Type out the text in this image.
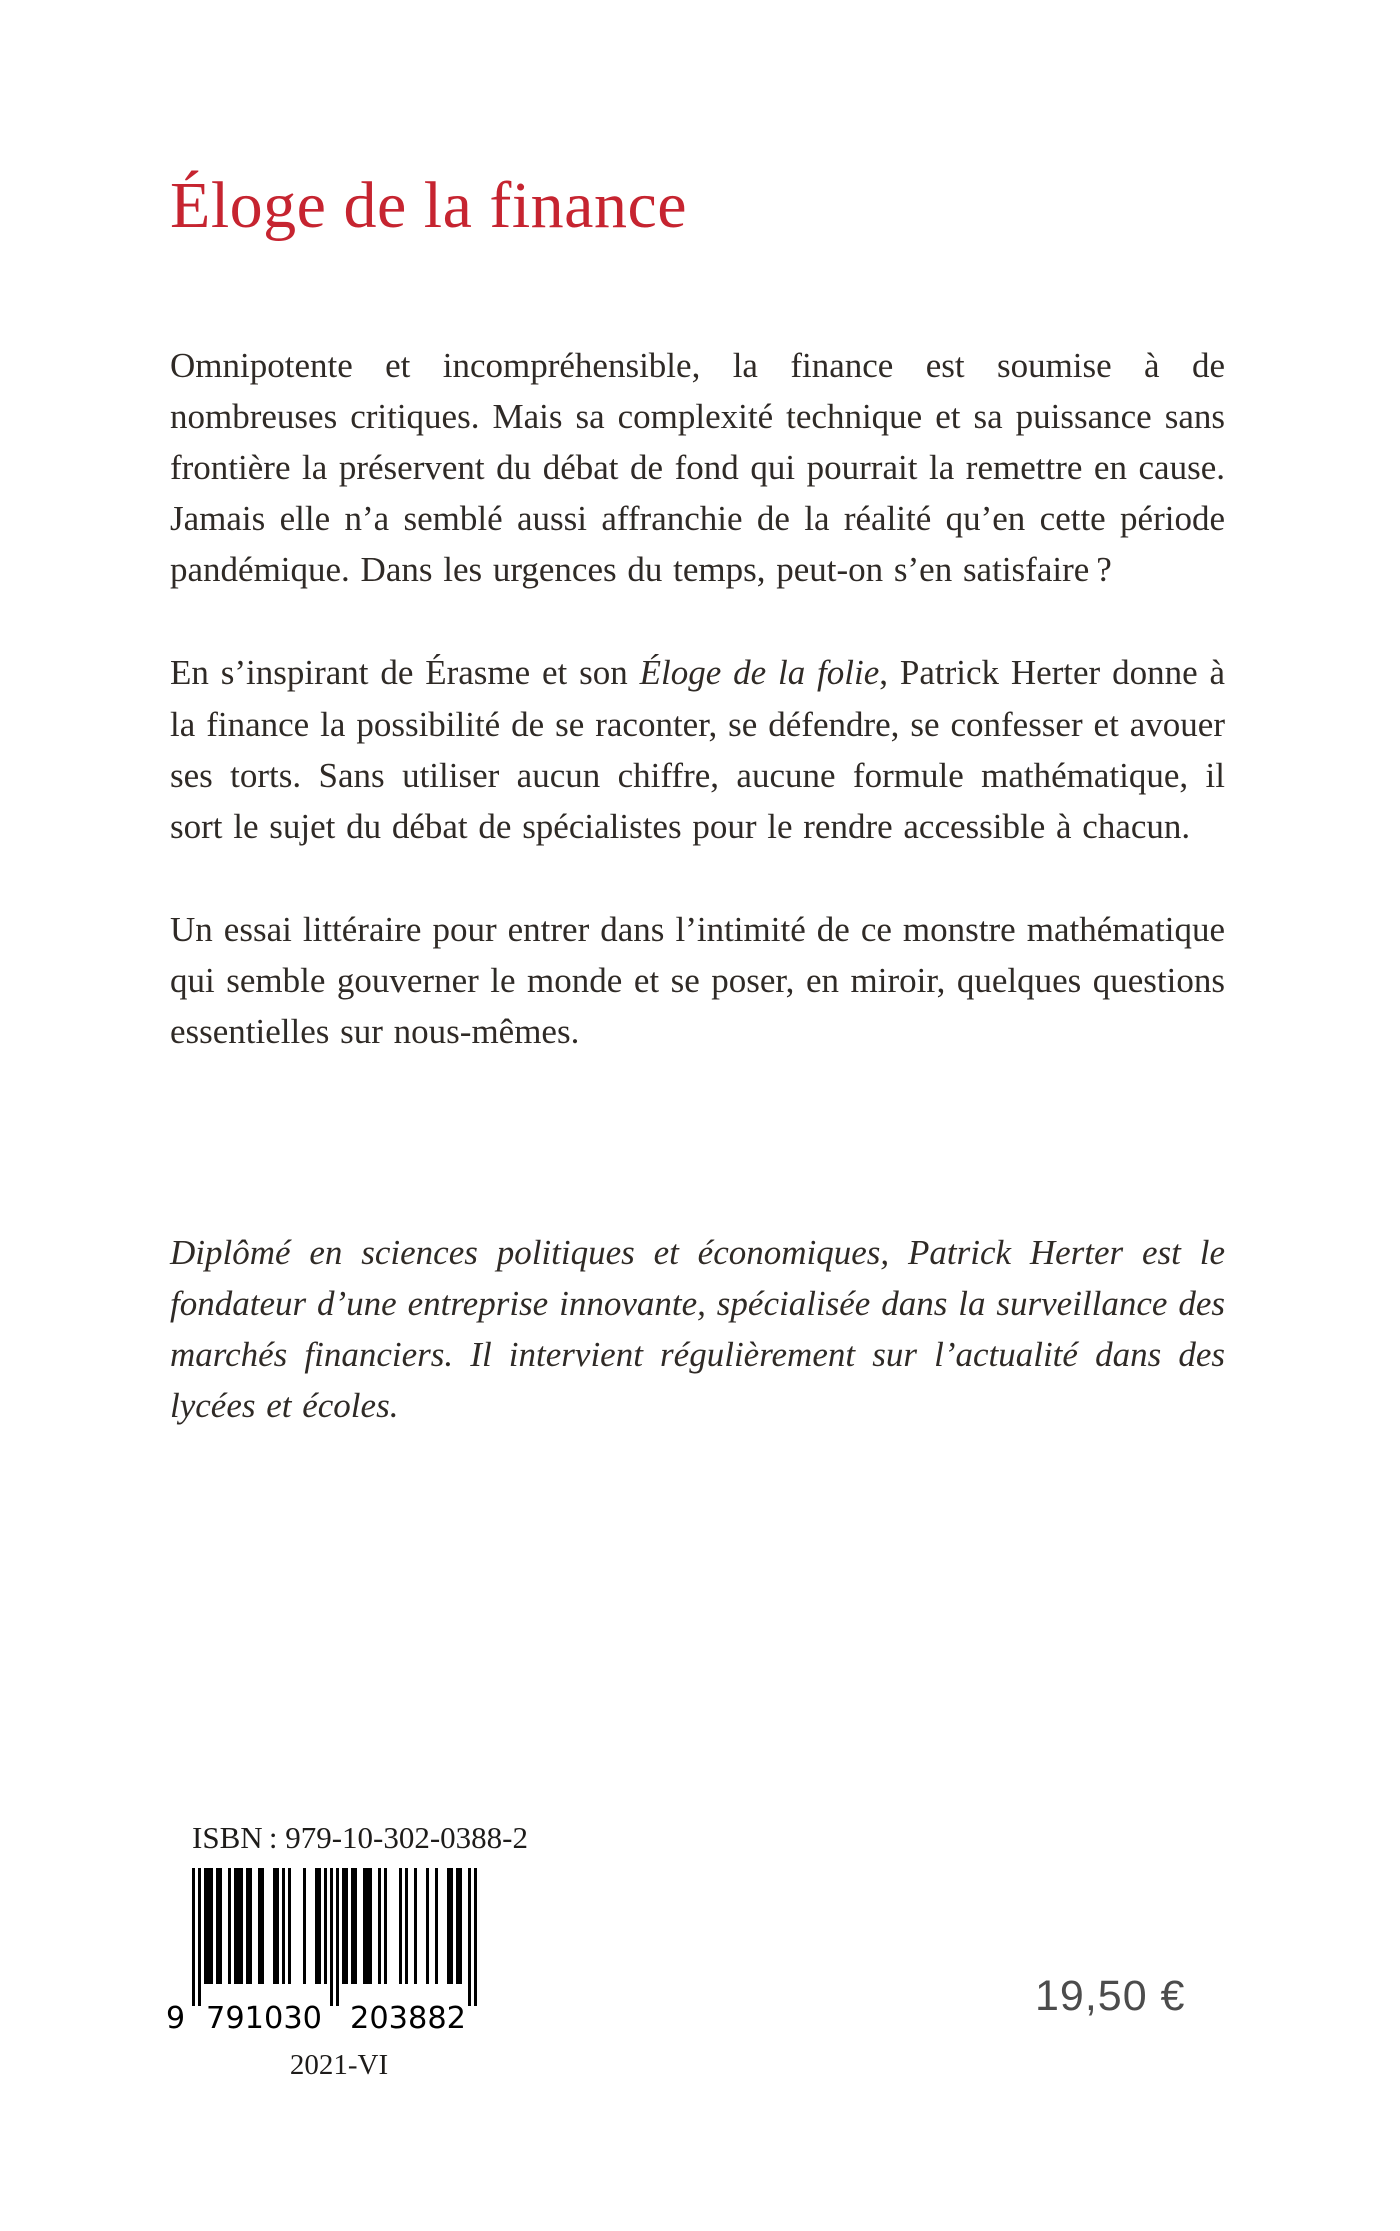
Éloge de la finance

Omnipotente et incompréhensible, la finance est soumise à de nombreuses critiques. Mais sa complexité technique et sa puissance sans frontière la préservent du débat de fond qui pourrait la remettre en cause. Jamais elle n’a semblé aussi affranchie de la réalité qu’en cette période pandémique. Dans les urgences du temps, peut-on s’en satisfaire ?

En s’inspirant de Érasme et son Éloge de la folie, Patrick Herter donne à la finance la possibilité de se raconter, se défendre, se confesser et avouer ses torts. Sans utiliser aucun chiffre, aucune formule mathématique, il sort le sujet du débat de spécialistes pour le rendre accessible à chacun.

Un essai littéraire pour entrer dans l’intimité de ce monstre mathématique qui semble gouverner le monde et se poser, en miroir, quelques questions essentielles sur nous-mêmes.

Diplômé en sciences politiques et économiques, Patrick Herter est le fondateur d’une entreprise innovante, spécialisée dans la surveillance des marchés financiers. Il intervient régulièrement sur l’actualité dans des lycées et écoles.

ISBN : 979-10-302-0388-2
9 791030 203882
2021-VI
19,50 €
